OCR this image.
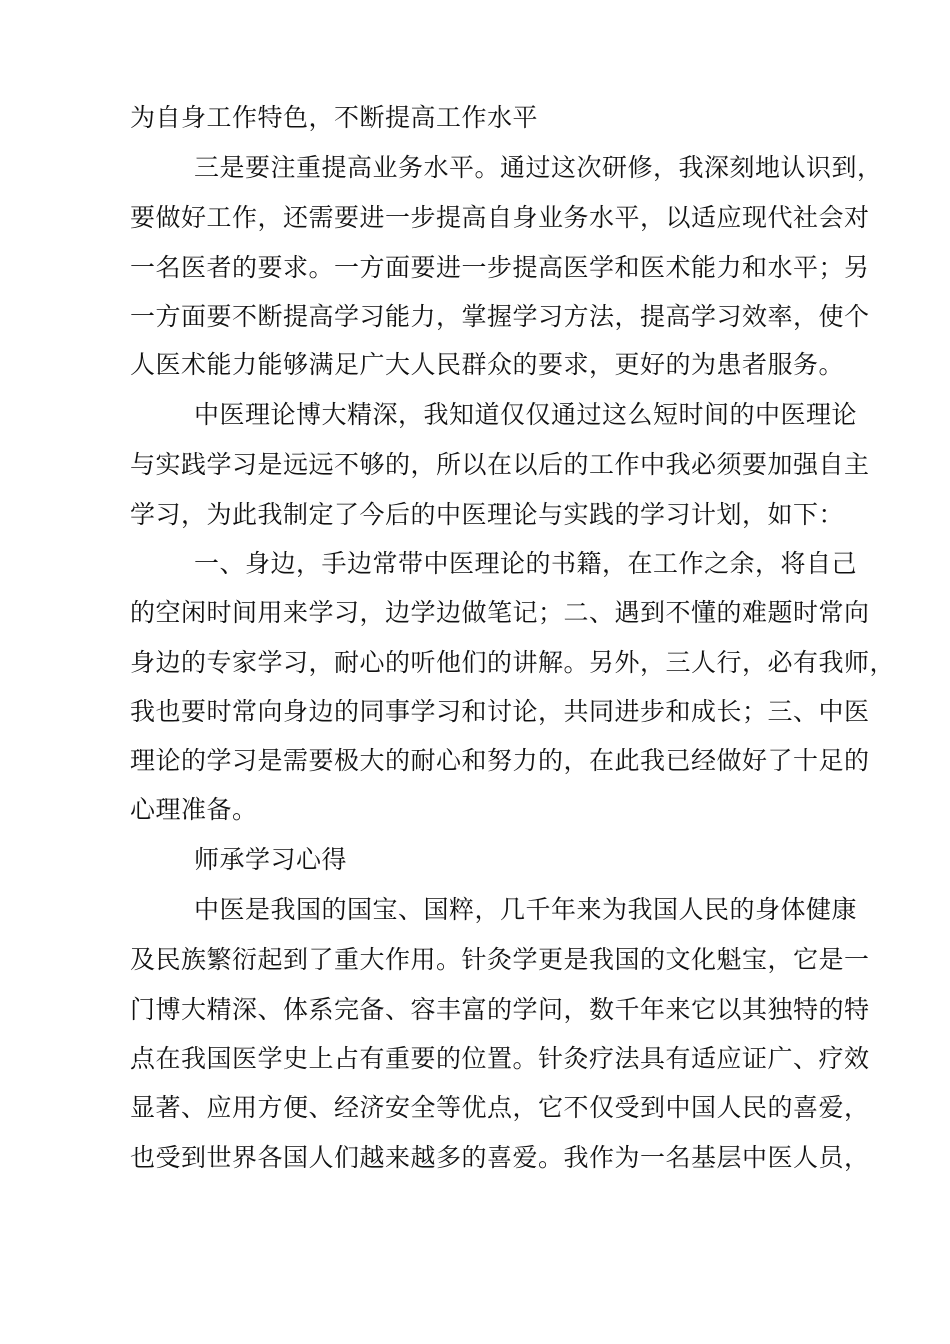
为自身工作特色，不断提高工作水平
三是要注重提高业务水平。通过这次研修，我深刻地认识到，
要做好工作，还需要进一步提高自身业务水平，以适应现代社会对
一名医者的要求。一方面要进一步提高医学和医术能力和水平；另
一方面要不断提高学习能力，掌握学习方法，提高学习效率，使个
人医术能力能够满足广大人民群众的要求，更好的为患者服务。
中医理论博大精深，我知道仅仅通过这么短时间的中医理论
与实践学习是远远不够的，所以在以后的工作中我必须要加强自主
学习，为此我制定了今后的中医理论与实践的学习计划，如下：
一、身边，手边常带中医理论的书籍，在工作之余，将自己
的空闲时间用来学习，边学边做笔记；二、遇到不懂的难题时常向
身边的专家学习，耐心的听他们的讲解。另外，三人行，必有我师，
我也要时常向身边的同事学习和讨论，共同进步和成长；三、中医
理论的学习是需要极大的耐心和努力的，在此我已经做好了十足的
心理准备。
师承学习心得
中医是我国的国宝、国粹，几千年来为我国人民的身体健康
及民族繁衍起到了重大作用。针灸学更是我国的文化魁宝，它是一
门博大精深、体系完备、容丰富的学问，数千年来它以其独特的特
点在我国医学史上占有重要的位置。针灸疗法具有适应证广、疗效
显著、应用方便、经济安全等优点，它不仅受到中国人民的喜爱，
也受到世界各国人们越来越多的喜爱。我作为一名基层中医人员，
